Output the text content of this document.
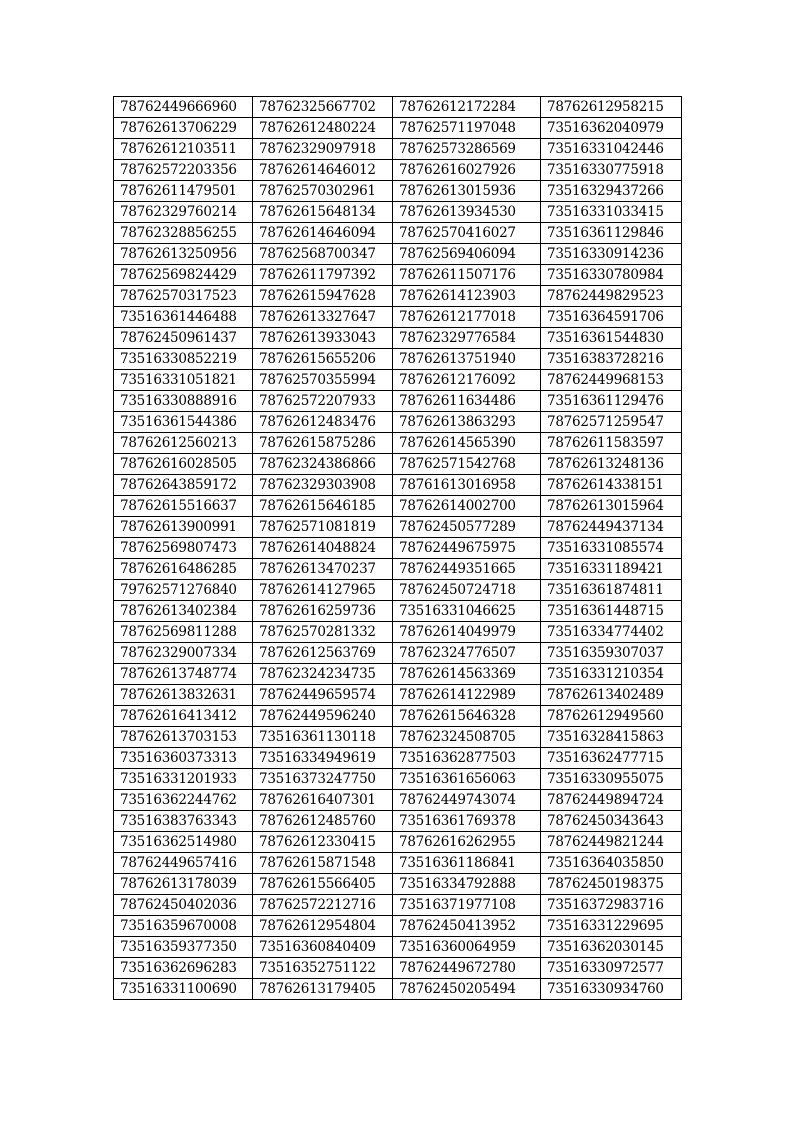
78762449666960	78762325667702	78762612172284	78762612958215
78762613706229	78762612480224	78762571197048	73516362040979
78762612103511	78762329097918	78762573286569	73516331042446
78762572203356	78762614646012	78762616027926	73516330775918
78762611479501	78762570302961	78762613015936	73516329437266
78762329760214	78762615648134	78762613934530	73516331033415
78762328856255	78762614646094	78762570416027	73516361129846
78762613250956	78762568700347	78762569406094	73516330914236
78762569824429	78762611797392	78762611507176	73516330780984
78762570317523	78762615947628	78762614123903	78762449829523
73516361446488	78762613327647	78762612177018	73516364591706
78762450961437	78762613933043	78762329776584	73516361544830
73516330852219	78762615655206	78762613751940	73516383728216
73516331051821	78762570355994	78762612176092	78762449968153
73516330888916	78762572207933	78762611634486	73516361129476
73516361544386	78762612483476	78762613863293	78762571259547
78762612560213	78762615875286	78762614565390	78762611583597
78762616028505	78762324386866	78762571542768	78762613248136
78762643859172	78762329303908	78761613016958	78762614338151
78762615516637	78762615646185	78762614002700	78762613015964
78762613900991	78762571081819	78762450577289	78762449437134
78762569807473	78762614048824	78762449675975	73516331085574
78762616486285	78762613470237	78762449351665	73516331189421
79762571276840	78762614127965	78762450724718	73516361874811
78762613402384	78762616259736	73516331046625	73516361448715
78762569811288	78762570281332	78762614049979	73516334774402
78762329007334	78762612563769	78762324776507	73516359307037
78762613748774	78762324234735	78762614563369	73516331210354
78762613832631	78762449659574	78762614122989	78762613402489
78762616413412	78762449596240	78762615646328	78762612949560
78762613703153	73516361130118	78762324508705	73516328415863
73516360373313	73516334949619	73516362877503	73516362477715
73516331201933	73516373247750	73516361656063	73516330955075
73516362244762	78762616407301	78762449743074	78762449894724
73516383763343	78762612485760	73516361769378	78762450343643
73516362514980	78762612330415	78762616262955	78762449821244
78762449657416	78762615871548	73516361186841	73516364035850
78762613178039	78762615566405	73516334792888	78762450198375
78762450402036	78762572212716	73516371977108	73516372983716
73516359670008	78762612954804	78762450413952	73516331229695
73516359377350	73516360840409	73516360064959	73516362030145
73516362696283	73516352751122	78762449672780	73516330972577
73516331100690	78762613179405	78762450205494	73516330934760
